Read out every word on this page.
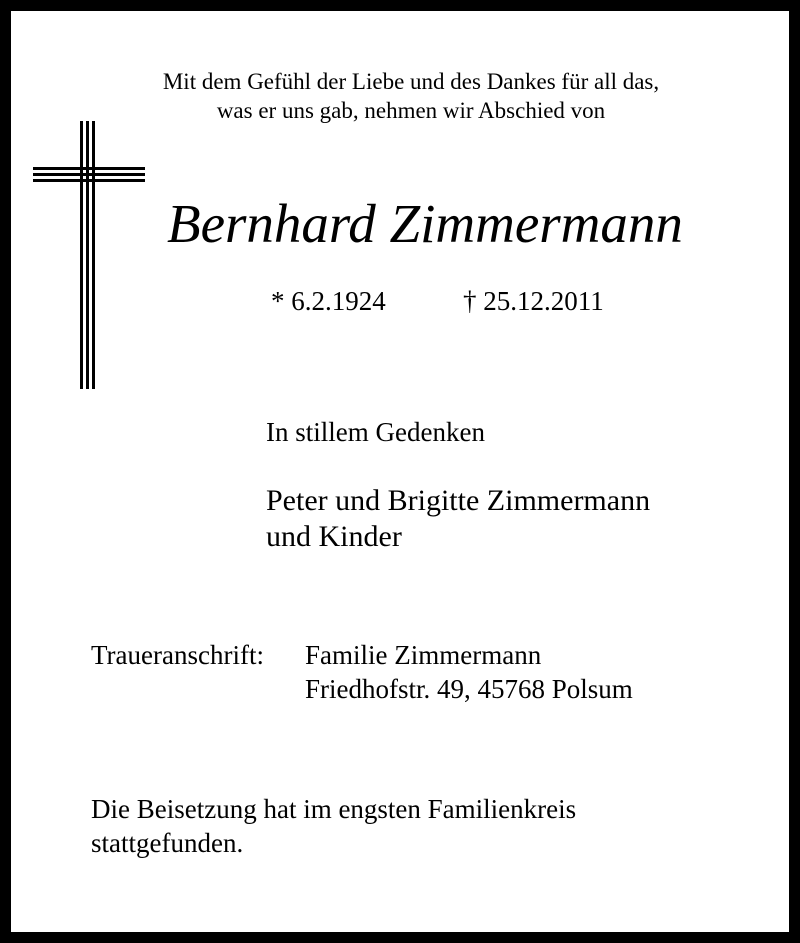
Mit dem Gefühl der Liebe und des Dankes für all das,
was er uns gab, nehmen wir Abschied von
Bernhard Zimmermann
* 6.2.1924	† 25.12.2011
In stillem Gedenken
Peter und Brigitte Zimmermann
und Kinder
Traueranschrift: Familie Zimmermann
Friedhofstr. 49, 45768 Polsum
Die Beisetzung hat im engsten Familienkreis
stattgefunden.
